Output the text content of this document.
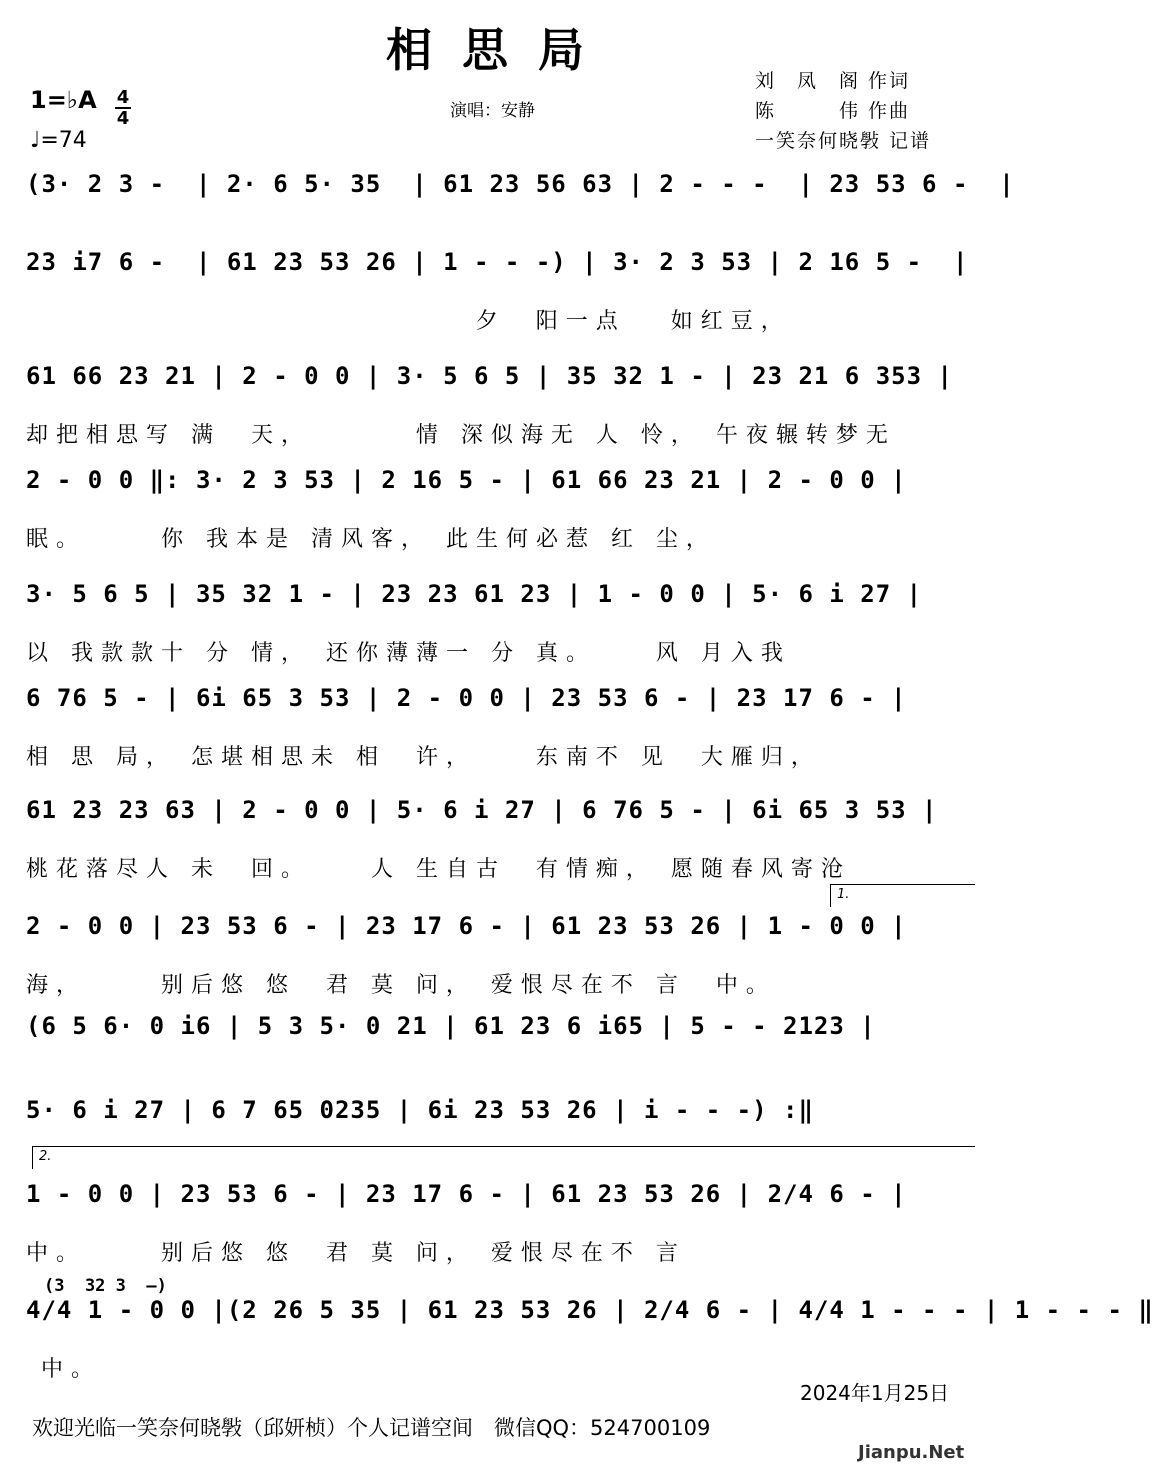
相思局
1=♭A 4
4
♩=74
演唱：安静
刘　凤　阁 作词
陈　　　伟 作曲
一笑奈何晓斅 记谱
(3· 2 3 -  | 2· 6 5· 35  | 61 23 56 63 | 2 - - -  | 23 53 6 -  |
23 i7 6 -  | 61 23 53 26 | 1 - - -) | 3· 2 3 53 | 2 16 5 -  |
夕  阳一点   如红豆，
61 66 23 21 | 2 - 0 0 | 3· 5 6 5 | 35 32 1 - | 23 21 6 353 |
却把相思写 满  天，       情 深似海无 人 怜， 午夜辗转梦无
2 - 0 0 ‖: 3· 2 3 53 | 2 16 5 - | 61 66 23 21 | 2 - 0 0 |
眠。     你 我本是 清风客， 此生何必惹 红 尘，
3· 5 6 5 | 35 32 1 - | 23 23 61 23 | 1 - 0 0 | 5· 6 i 27 |
以 我款款十 分 情， 还你薄薄一 分 真。    风 月入我
6 76 5 - | 6i 65 3 53 | 2 - 0 0 | 23 53 6 - | 23 17 6 - |
相 思 局， 怎堪相思未 相  许，    东南不 见  大雁归，
61 23 23 63 | 2 - 0 0 | 5· 6 i 27 | 6 76 5 - | 6i 65 3 53 |
桃花落尽人 未  回。    人 生自古  有情痴， 愿随春风寄沧
2 - 0 0 | 23 53 6 - | 23 17 6 - | 61 23 53 26 | 1 - 0 0 |
海，     别后悠 悠  君 莫 问， 爱恨尽在不 言  中。
(6 5 6· 0 i6 | 5 3 5· 0 21 | 61 23 6 i65 | 5 - - 2123 |
5· 6 i 27 | 6 7 65 0235 | 6i 23 53 26 | i - - -) :‖
1 - 0 0 | 23 53 6 - | 23 17 6 - | 61 23 53 26 | 2/4 6 - |
中。     别后悠 悠  君 莫 问， 爱恨尽在不 言
4/4 1 - 0 0 |(2 26 5 35 | 61 23 53 26 | 2/4 6 - | 4/4 1 - - - | 1 - - - ‖
中。
1.
2.
(3  32 3  –)
2024年1月25日
欢迎光临一笑奈何晓斅（邱妍桢）个人记谱空间　微信QQ：524700109
Jianpu.Net
